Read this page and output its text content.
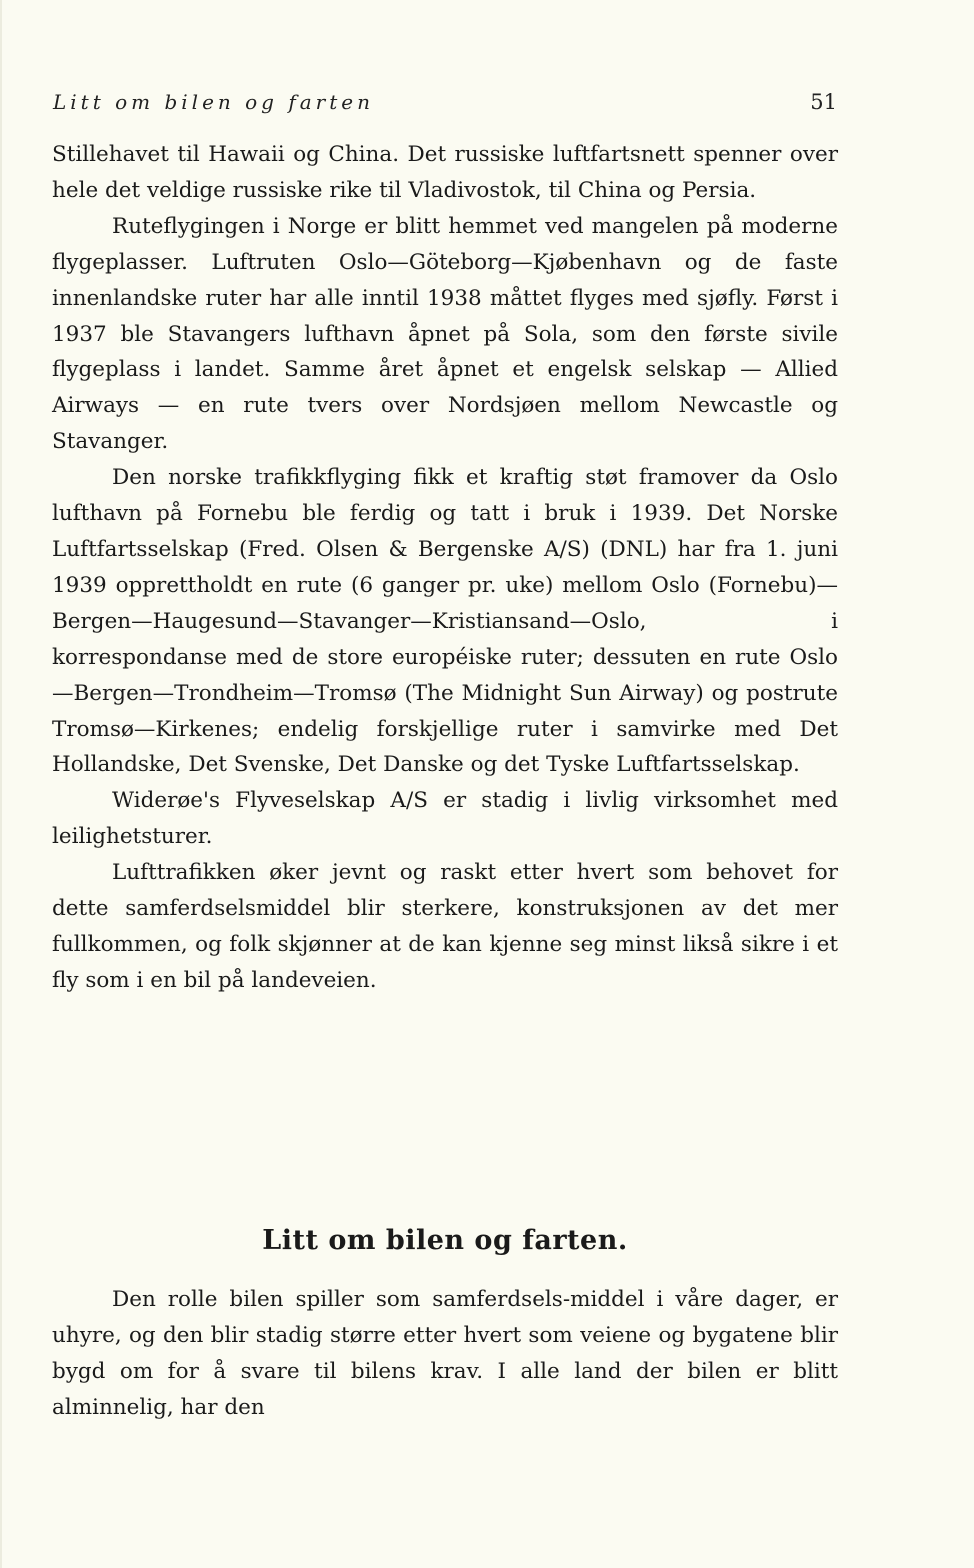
Litt om bilen og farten	51

Stillehavet til Hawaii og China. Det russiske luftfartsnett spenner over hele det veldige russiske rike til Vladivostok, til China og Persia.

Ruteflygingen i Norge er blitt hemmet ved mangelen på moderne flygeplasser. Luftruten Oslo—Göteborg—Kjøbenhavn og de faste innenlandske ruter har alle inntil 1938 måttet flyges med sjøfly. Først i 1937 ble Stavangers lufthavn åpnet på Sola, som den første sivile flygeplass i landet. Samme året åpnet et engelsk selskap — Allied Airways — en rute tvers over Nordsjøen mellom Newcastle og Stavanger.

Den norske trafikkflyging fikk et kraftig støt framover da Oslo lufthavn på Fornebu ble ferdig og tatt i bruk i 1939. Det Norske Luftfartsselskap (Fred. Olsen & Bergenske A/S) (DNL) har fra 1. juni 1939 opprettholdt en rute (6 ganger pr. uke) mellom Oslo (Fornebu)—Bergen—Haugesund—Stavanger—Kristiansand—Oslo, i korrespondanse med de store européiske ruter; dessuten en rute Oslo—Bergen—Trondheim—Tromsø (The Midnight Sun Airway) og postrute Tromsø—Kirkenes; endelig forskjellige ruter i samvirke med Det Hollandske, Det Svenske, Det Danske og det Tyske Luftfartsselskap.

Widerøe's Flyveselskap A/S er stadig i livlig virksomhet med leilighetsturer.

Lufttrafikken øker jevnt og raskt etter hvert som behovet for dette samferdselsmiddel blir sterkere, konstruksjonen av det mer fullkommen, og folk skjønner at de kan kjenne seg minst likså sikre i et fly som i en bil på landeveien.

Litt om bilen og farten.

Den rolle bilen spiller som samferdsels-middel i våre dager, er uhyre, og den blir stadig større etter hvert som veiene og bygatene blir bygd om for å svare til bilens krav. I alle land der bilen er blitt alminnelig, har den
